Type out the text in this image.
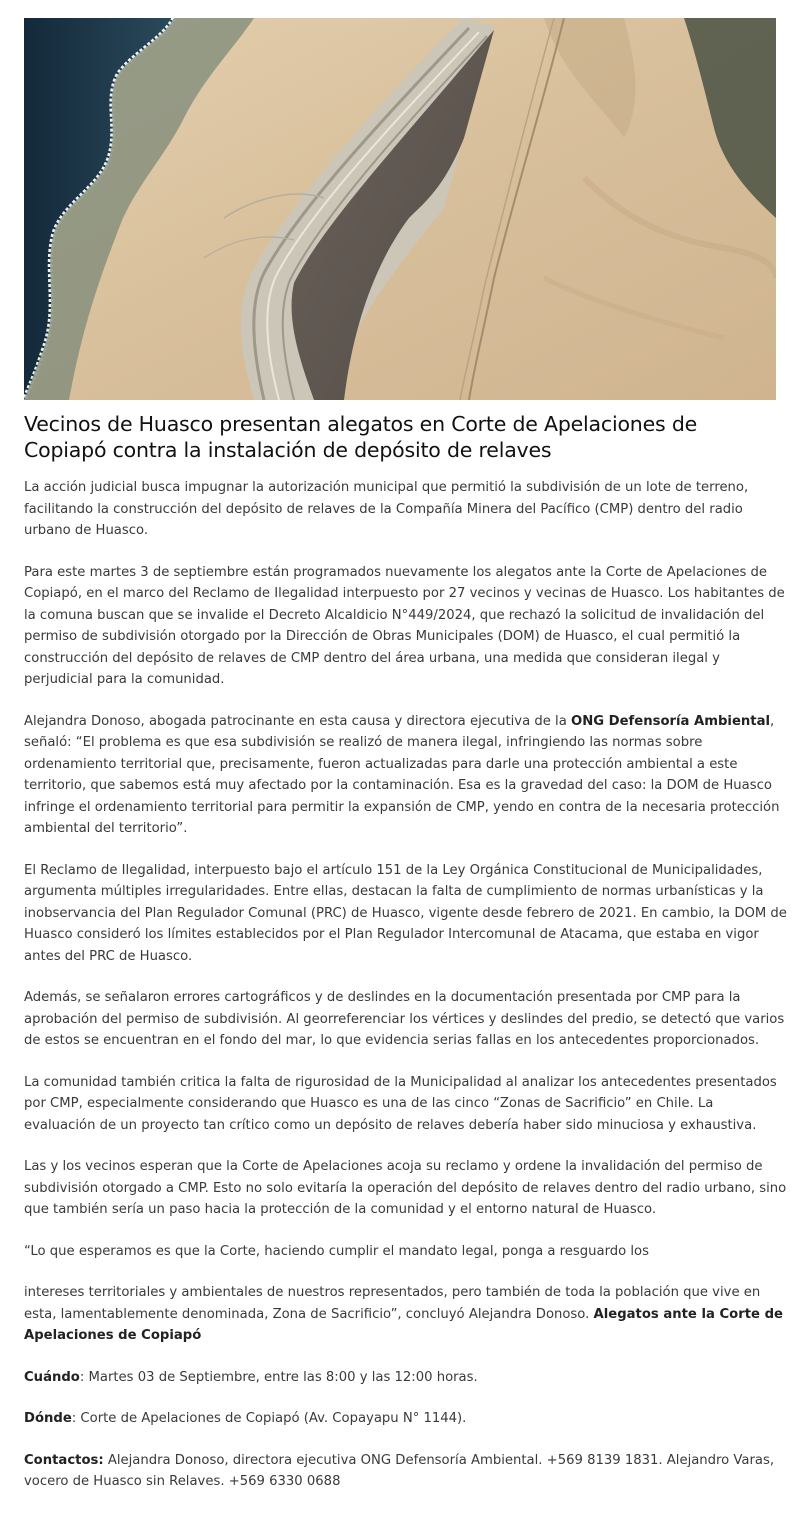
Vecinos de Huasco presentan alegatos en Corte de Apelaciones de Copiapó contra la instalación de depósito de relaves

La acción judicial busca impugnar la autorización municipal que permitió la subdivisión de un lote de terreno, facilitando la construcción del depósito de relaves de la Compañía Minera del Pacífico (CMP) dentro del radio urbano de Huasco.

Para este martes 3 de septiembre están programados nuevamente los alegatos ante la Corte de Apelaciones de Copiapó, en el marco del Reclamo de Ilegalidad interpuesto por 27 vecinos y vecinas de Huasco. Los habitantes de la comuna buscan que se invalide el Decreto Alcaldicio N°449/2024, que rechazó la solicitud de invalidación del permiso de subdivisión otorgado por la Dirección de Obras Municipales (DOM) de Huasco, el cual permitió la construcción del depósito de relaves de CMP dentro del área urbana, una medida que consideran ilegal y perjudicial para la comunidad.

Alejandra Donoso, abogada patrocinante en esta causa y directora ejecutiva de la ONG Defensoría Ambiental, señaló: “El problema es que esa subdivisión se realizó de manera ilegal, infringiendo las normas sobre ordenamiento territorial que, precisamente, fueron actualizadas para darle una protección ambiental a este territorio, que sabemos está muy afectado por la contaminación. Esa es la gravedad del caso: la DOM de Huasco infringe el ordenamiento territorial para permitir la expansión de CMP, yendo en contra de la necesaria protección ambiental del territorio”.

El Reclamo de Ilegalidad, interpuesto bajo el artículo 151 de la Ley Orgánica Constitucional de Municipalidades, argumenta múltiples irregularidades. Entre ellas, destacan la falta de cumplimiento de normas urbanísticas y la inobservancia del Plan Regulador Comunal (PRC) de Huasco, vigente desde febrero de 2021. En cambio, la DOM de Huasco consideró los límites establecidos por el Plan Regulador Intercomunal de Atacama, que estaba en vigor antes del PRC de Huasco.

Además, se señalaron errores cartográficos y de deslindes en la documentación presentada por CMP para la aprobación del permiso de subdivisión. Al georreferenciar los vértices y deslindes del predio, se detectó que varios de estos se encuentran en el fondo del mar, lo que evidencia serias fallas en los antecedentes proporcionados.

La comunidad también critica la falta de rigurosidad de la Municipalidad al analizar los antecedentes presentados por CMP, especialmente considerando que Huasco es una de las cinco “Zonas de Sacrificio” en Chile. La evaluación de un proyecto tan crítico como un depósito de relaves debería haber sido minuciosa y exhaustiva.

Las y los vecinos esperan que la Corte de Apelaciones acoja su reclamo y ordene la invalidación del permiso de subdivisión otorgado a CMP. Esto no solo evitaría la operación del depósito de relaves dentro del radio urbano, sino que también sería un paso hacia la protección de la comunidad y el entorno natural de Huasco.

“Lo que esperamos es que la Corte, haciendo cumplir el mandato legal, ponga a resguardo los

intereses territoriales y ambientales de nuestros representados, pero también de toda la población que vive en esta, lamentablemente denominada, Zona de Sacrificio”, concluyó Alejandra Donoso. Alegatos ante la Corte de Apelaciones de Copiapó

Cuándo: Martes 03 de Septiembre, entre las 8:00 y las 12:00 horas.

Dónde: Corte de Apelaciones de Copiapó (Av. Copayapu N° 1144).

Contactos: Alejandra Donoso, directora ejecutiva ONG Defensoría Ambiental. +569 8139 1831. Alejandro Varas, vocero de Huasco sin Relaves. +569 6330 0688
